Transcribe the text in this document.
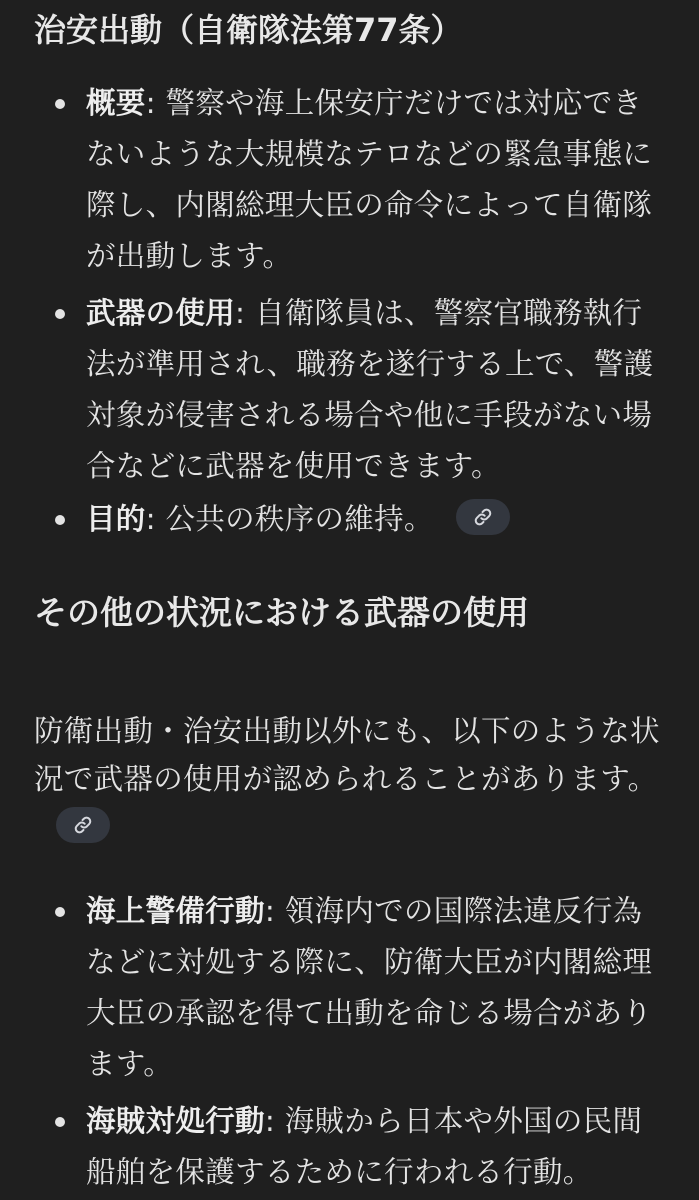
治安出動（自衛隊法第77条）

概要: 警察や海上保安庁だけでは対応できないような大規模なテロなどの緊急事態に際し、内閣総理大臣の命令によって自衛隊が出動します。

武器の使用: 自衛隊員は、警察官職務執行法が準用され、職務を遂行する上で、警護対象が侵害される場合や他に手段がない場合などに武器を使用できます。

目的: 公共の秩序の維持。

その他の状況における武器の使用

防衛出動・治安出動以外にも、以下のような状況で武器の使用が認められることがあります。

海上警備行動: 領海内での国際法違反行為などに対処する際に、防衛大臣が内閣総理大臣の承認を得て出動を命じる場合があります。

海賊対処行動: 海賊から日本や外国の民間船舶を保護するために行われる行動。
